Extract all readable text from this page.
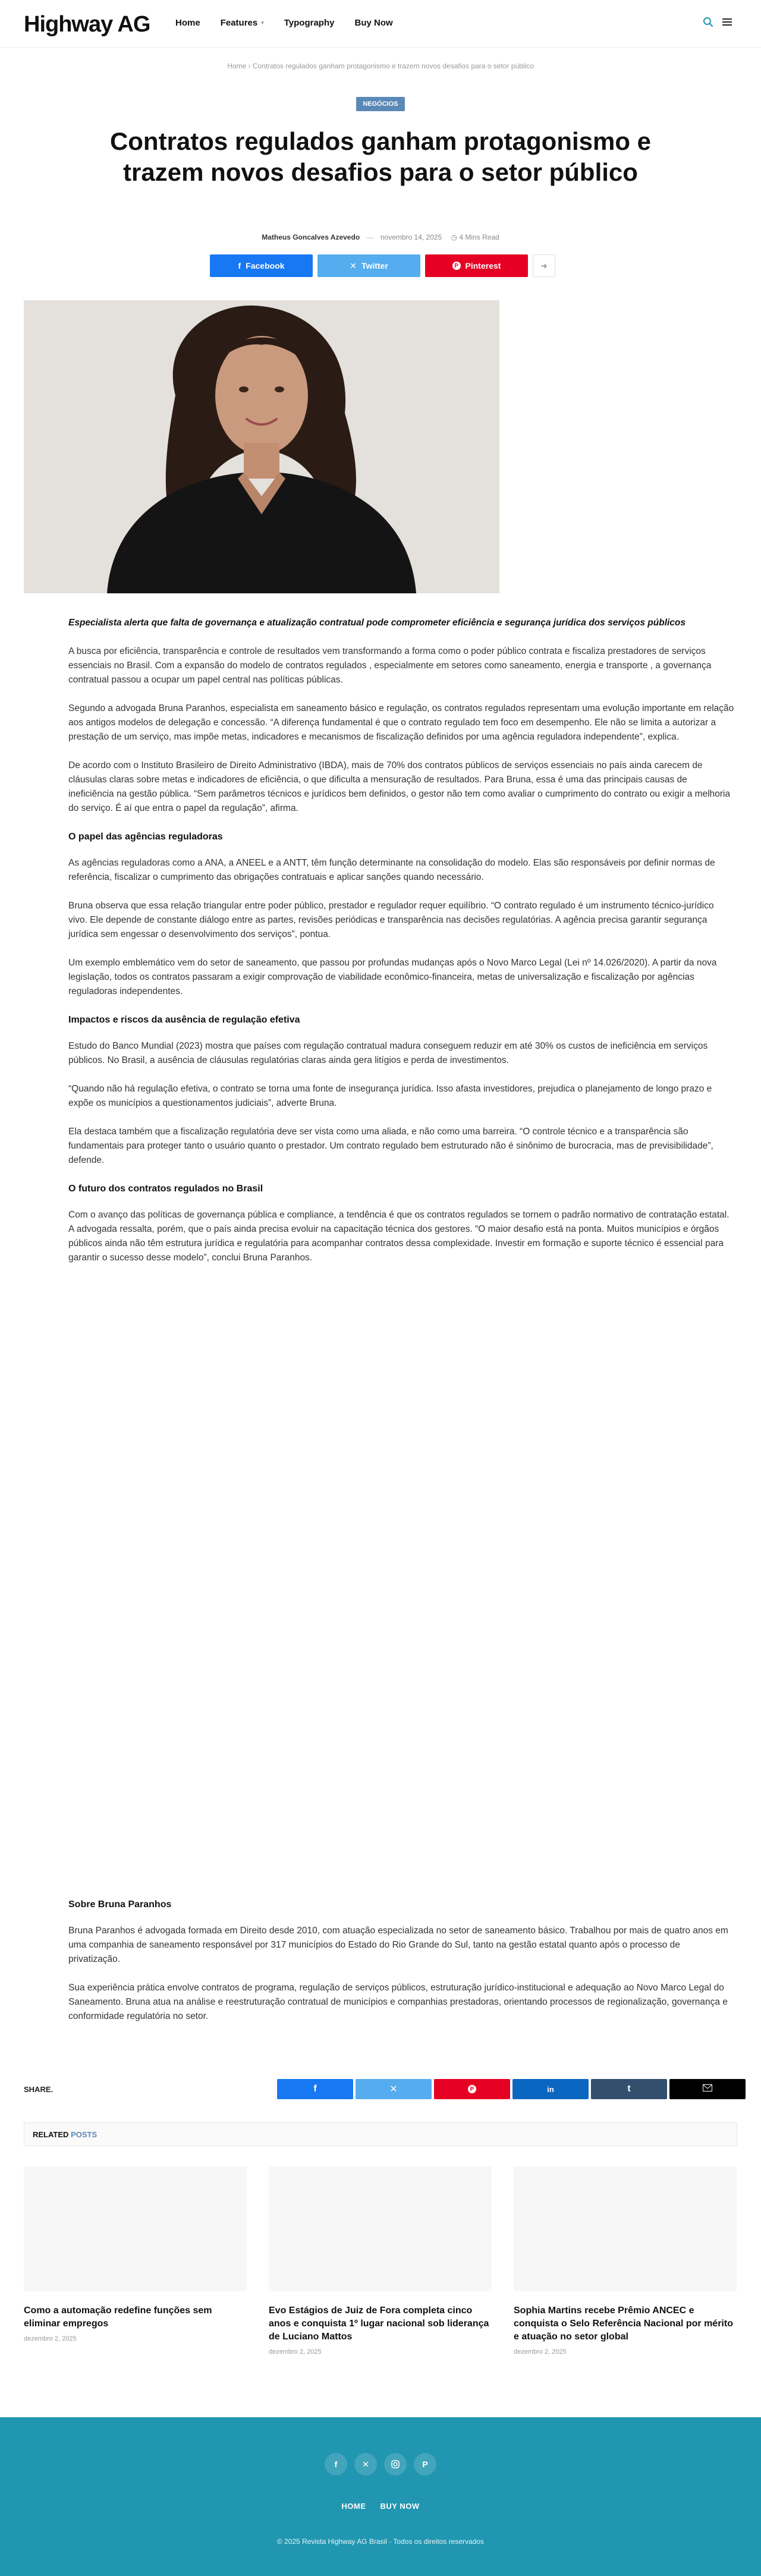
Highway AG	Home Features ▾ Typography Buy Now
Home › Contratos regulados ganham protagonismo e trazem novos desafios para o setor público
NEGÓCIOS
Contratos regulados ganham protagonismo e trazem novos desafios para o setor público
Matheus Goncalves Azevedo — novembro 14, 2025 ◷ 4 Mins Read
f Facebook	✕ Twitter	P Pinterest	➜

Especialista alerta que falta de governança e atualização contratual pode comprometer eficiência e segurança jurídica dos serviços públicos

A busca por eficiência, transparência e controle de resultados vem transformando a forma como o poder público contrata e fiscaliza prestadores de serviços essenciais no Brasil. Com a expansão do modelo de contratos regulados , especialmente em setores como saneamento, energia e transporte , a governança contratual passou a ocupar um papel central nas políticas públicas.

Segundo a advogada Bruna Paranhos, especialista em saneamento básico e regulação, os contratos regulados representam uma evolução importante em relação aos antigos modelos de delegação e concessão. “A diferença fundamental é que o contrato regulado tem foco em desempenho. Ele não se limita a autorizar a prestação de um serviço, mas impõe metas, indicadores e mecanismos de fiscalização definidos por uma agência reguladora independente”, explica.

De acordo com o Instituto Brasileiro de Direito Administrativo (IBDA), mais de 70% dos contratos públicos de serviços essenciais no país ainda carecem de cláusulas claras sobre metas e indicadores de eficiência, o que dificulta a mensuração de resultados. Para Bruna, essa é uma das principais causas de ineficiência na gestão pública. “Sem parâmetros técnicos e jurídicos bem definidos, o gestor não tem como avaliar o cumprimento do contrato ou exigir a melhoria do serviço. É aí que entra o papel da regulação”, afirma.

O papel das agências reguladoras

As agências reguladoras como a ANA, a ANEEL e a ANTT, têm função determinante na consolidação do modelo. Elas são responsáveis por definir normas de referência, fiscalizar o cumprimento das obrigações contratuais e aplicar sanções quando necessário.

Bruna observa que essa relação triangular entre poder público, prestador e regulador requer equilíbrio. “O contrato regulado é um instrumento técnico-jurídico vivo. Ele depende de constante diálogo entre as partes, revisões periódicas e transparência nas decisões regulatórias. A agência precisa garantir segurança jurídica sem engessar o desenvolvimento dos serviços”, pontua.

Um exemplo emblemático vem do setor de saneamento, que passou por profundas mudanças após o Novo Marco Legal (Lei nº 14.026/2020). A partir da nova legislação, todos os contratos passaram a exigir comprovação de viabilidade econômico-financeira, metas de universalização e fiscalização por agências reguladoras independentes.

Impactos e riscos da ausência de regulação efetiva

Estudo do Banco Mundial (2023) mostra que países com regulação contratual madura conseguem reduzir em até 30% os custos de ineficiência em serviços públicos. No Brasil, a ausência de cláusulas regulatórias claras ainda gera litígios e perda de investimentos.

“Quando não há regulação efetiva, o contrato se torna uma fonte de insegurança jurídica. Isso afasta investidores, prejudica o planejamento de longo prazo e expõe os municípios a questionamentos judiciais”, adverte Bruna.

Ela destaca também que a fiscalização regulatória deve ser vista como uma aliada, e não como uma barreira. “O controle técnico e a transparência são fundamentais para proteger tanto o usuário quanto o prestador. Um contrato regulado bem estruturado não é sinônimo de burocracia, mas de previsibilidade”, defende.

O futuro dos contratos regulados no Brasil

Com o avanço das políticas de governança pública e compliance, a tendência é que os contratos regulados se tornem o padrão normativo de contratação estatal. A advogada ressalta, porém, que o país ainda precisa evoluir na capacitação técnica dos gestores. “O maior desafio está na ponta. Muitos municípios e órgãos públicos ainda não têm estrutura jurídica e regulatória para acompanhar contratos dessa complexidade. Investir em formação e suporte técnico é essencial para garantir o sucesso desse modelo”, conclui Bruna Paranhos.

Sobre Bruna Paranhos

Bruna Paranhos é advogada formada em Direito desde 2010, com atuação especializada no setor de saneamento básico. Trabalhou por mais de quatro anos em uma companhia de saneamento responsável por 317 municípios do Estado do Rio Grande do Sul, tanto na gestão estatal quanto após o processo de privatização.

Sua experiência prática envolve contratos de programa, regulação de serviços públicos, estruturação jurídico-institucional e adequação ao Novo Marco Legal do Saneamento. Bruna atua na análise e reestruturação contratual de municípios e companhias prestadoras, orientando processos de regionalização, governança e conformidade regulatória no setor.

SHARE.	f	✕	P	in	t
RELATED POSTS
Como a automação redefine funções sem eliminar empregos
dezembro 2, 2025
Evo Estágios de Juiz de Fora completa cinco anos e conquista 1º lugar nacional sob liderança de Luciano Mattos
dezembro 2, 2025
Sophia Martins recebe Prêmio ANCEC e conquista o Selo Referência Nacional por mérito e atuação no setor global
dezembro 2, 2025
f	✕	P
HOME BUY NOW
© 2025 Revista Highway AG Brasil - Todos os direitos reservados
